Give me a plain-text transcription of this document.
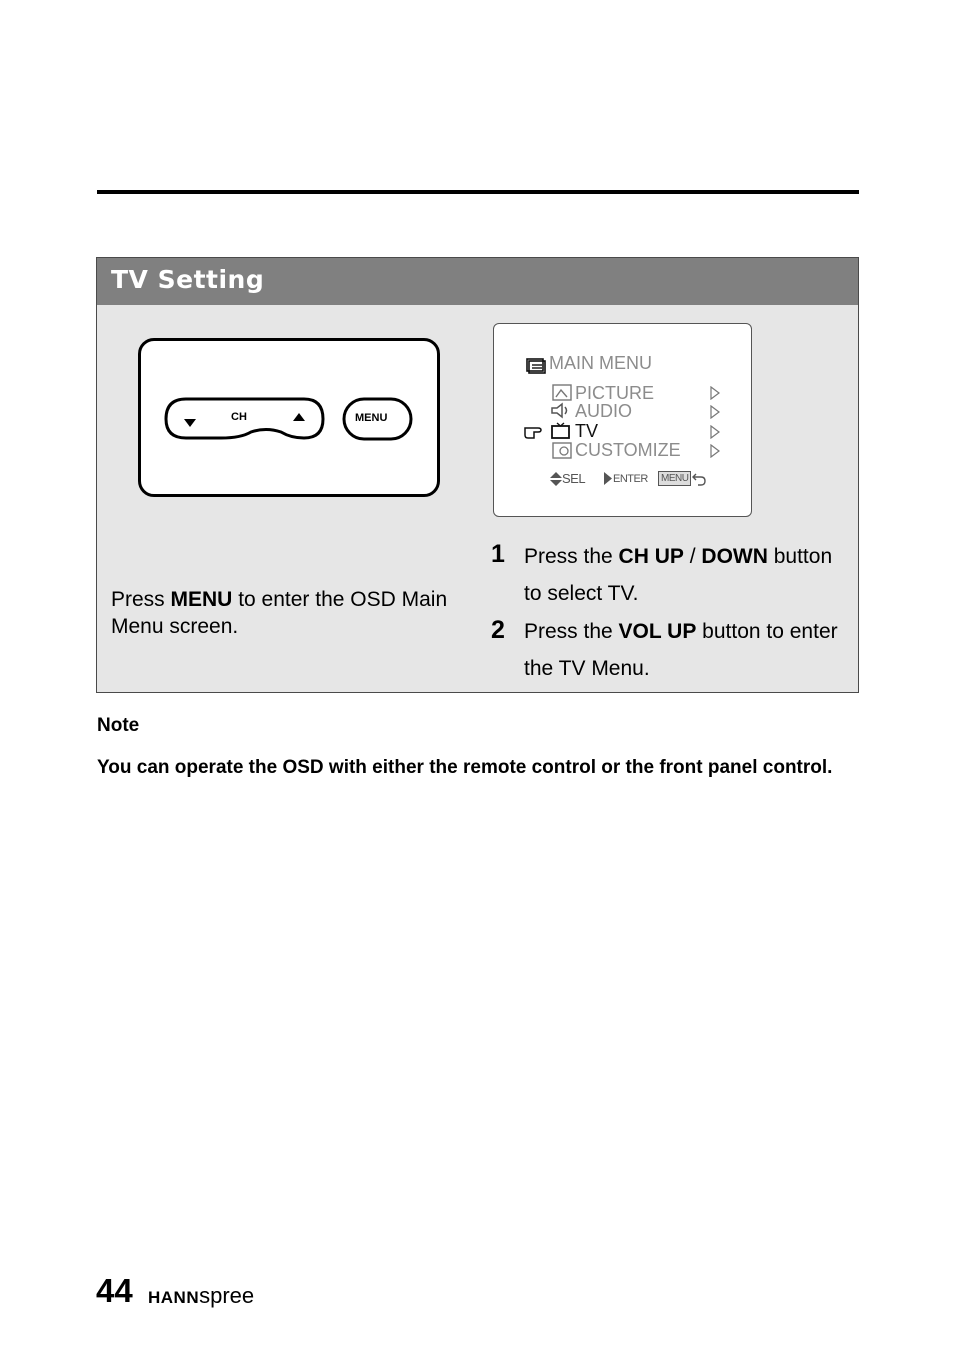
TV Setting
CH	MENU
MAIN MENU
PICTURE
AUDIO
TV
CUSTOMIZE
SEL	ENTER	MENU
Press MENU to enter the OSD Main Menu screen.
1 Press the CH UP / DOWN button to select TV.
2 Press the VOL UP button to enter the TV Menu.
Note
You can operate the OSD with either the remote control or the front panel control.
44 HANNspree
